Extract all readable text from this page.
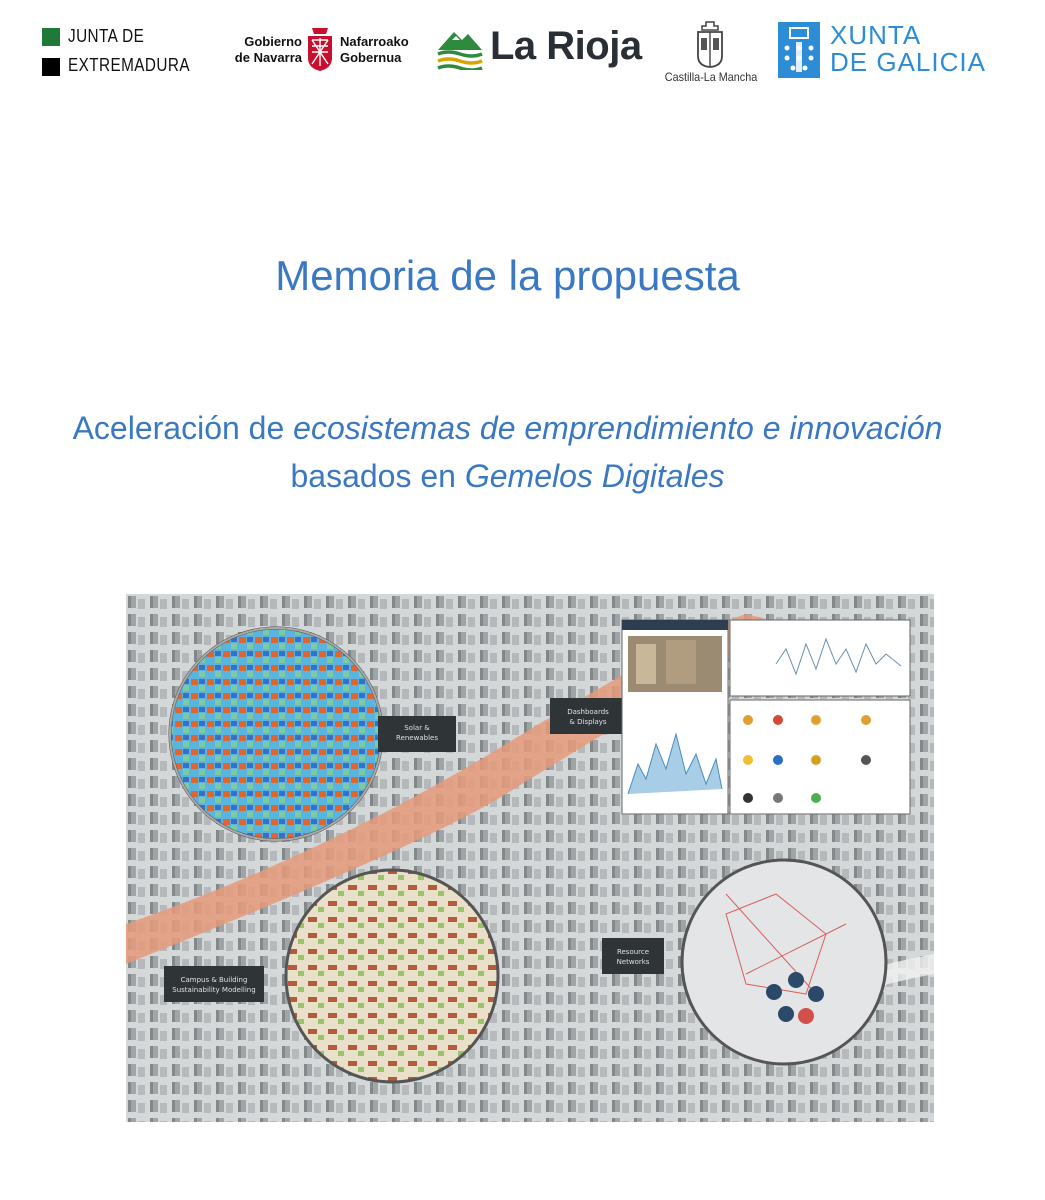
JUNTA DE
EXTREMADURA
Gobierno
de Navarra
Nafarroako
Gobernua La Rioja
Castilla-La Mancha
XUNTA
DE GALICIA
Memoria de la propuesta
Aceleración de ecosistemas de emprendimiento e innovación basados en Gemelos Digitales
Solar &
Renewables
Dashboards
& Displays
Campus & Building
Sustainability Modelling
Resource
Networks
